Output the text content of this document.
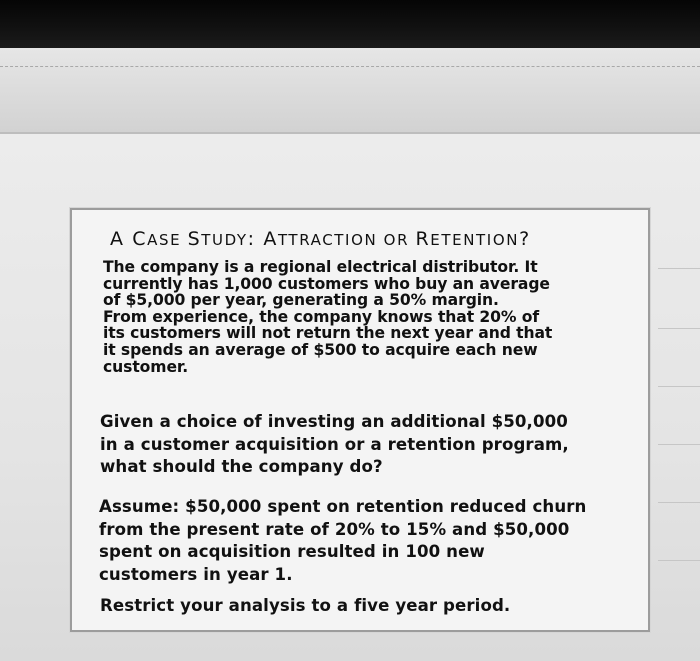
A CASE STUDY: ATTRACTION OR RETENTION?

The company is a regional electrical distributor. It
currently has 1,000 customers who buy an average
of $5,000 per year, generating a 50% margin.
From experience, the company knows that 20% of
its customers will not return the next year and that
it spends an average of $500 to acquire each new
customer.

Given a choice of investing an additional $50,000
in a customer acquisition or a retention program,
what should the company do?

Assume: $50,000 spent on retention reduced churn
from the present rate of 20% to 15% and $50,000
spent on acquisition resulted in 100 new
customers in year 1.

Restrict your analysis to a five year period.
